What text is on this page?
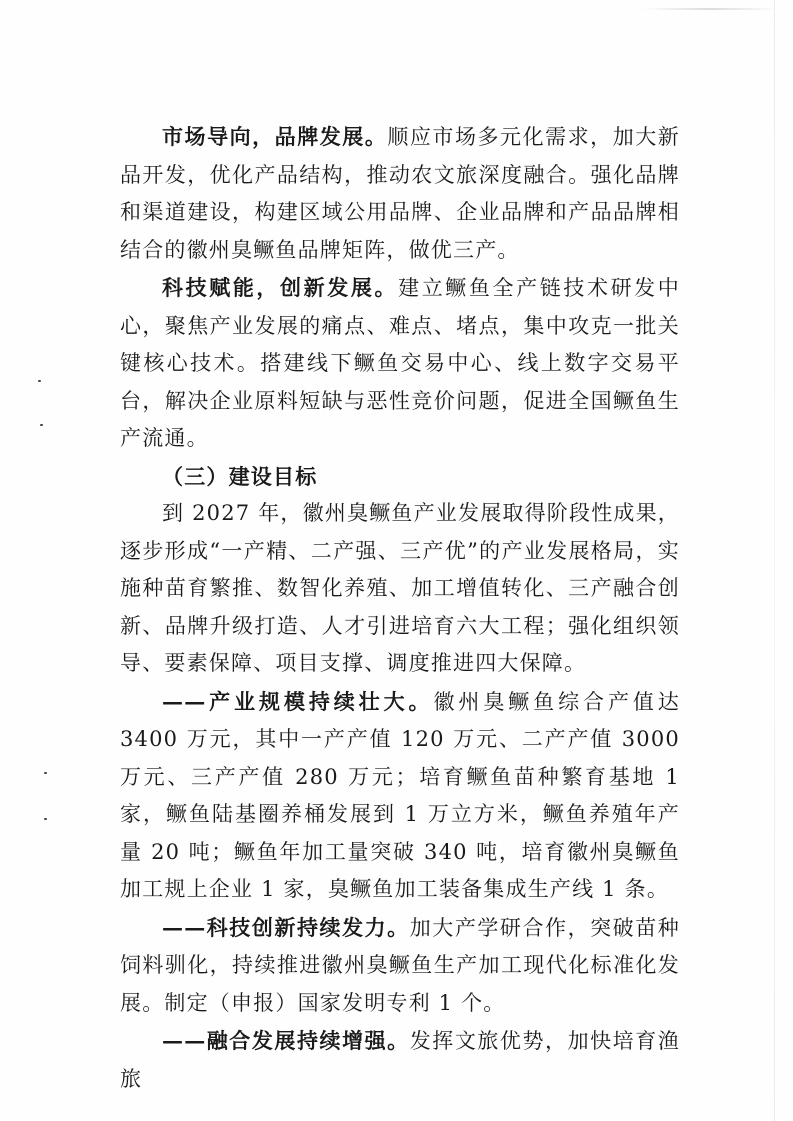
市场导向，品牌发展。顺应市场多元化需求，加大新品开发，优化产品结构，推动农文旅深度融合。强化品牌和渠道建设，构建区域公用品牌、企业品牌和产品品牌相结合的徽州臭鳜鱼品牌矩阵，做优三产。

科技赋能，创新发展。建立鳜鱼全产链技术研发中心，聚焦产业发展的痛点、难点、堵点，集中攻克一批关键核心技术。搭建线下鳜鱼交易中心、线上数字交易平台，解决企业原料短缺与恶性竞价问题，促进全国鳜鱼生产流通。

（三）建设目标

到 2027 年，徽州臭鳜鱼产业发展取得阶段性成果，逐步形成“一产精、二产强、三产优”的产业发展格局，实施种苗育繁推、数智化养殖、加工增值转化、三产融合创新、品牌升级打造、人才引进培育六大工程；强化组织领导、要素保障、项目支撑、调度推进四大保障。

——产业规模持续壮大。徽州臭鳜鱼综合产值达 3400 万元，其中一产产值 120 万元、二产产值 3000 万元、三产产值 280 万元；培育鳜鱼苗种繁育基地 1 家，鳜鱼陆基圈养桶发展到 1 万立方米，鳜鱼养殖年产量 20 吨；鳜鱼年加工量突破 340 吨，培育徽州臭鳜鱼加工规上企业 1 家，臭鳜鱼加工装备集成生产线 1 条。

——科技创新持续发力。加大产学研合作，突破苗种饲料驯化，持续推进徽州臭鳜鱼生产加工现代化标准化发展。制定（申报）国家发明专利 1 个。

——融合发展持续增强。发挥文旅优势，加快培育渔旅
